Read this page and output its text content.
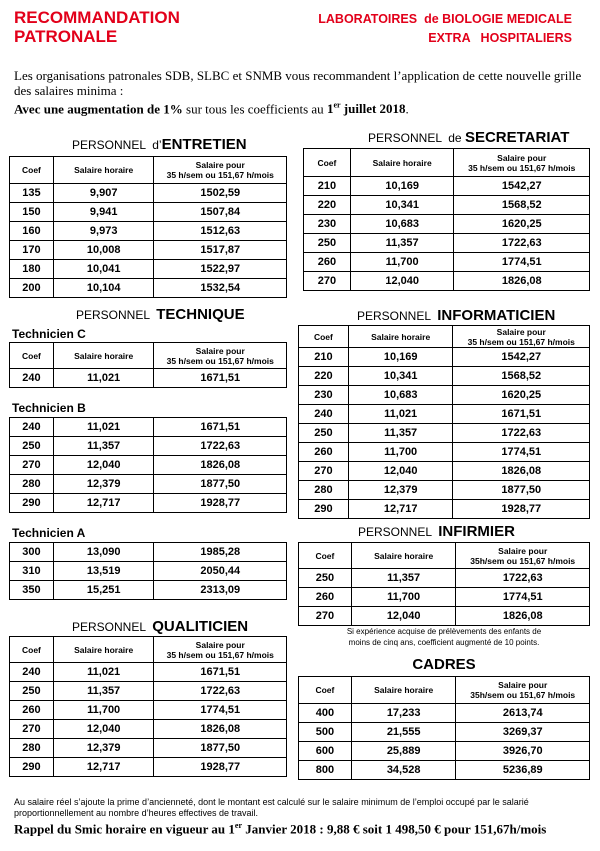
RECOMMANDATION
PATRONALE
LABORATOIRES de BIOLOGIE MEDICALE
EXTRA   HOSPITALIERS
Les organisations patronales SDB, SLBC et SNMB vous recommandent l’application de cette nouvelle grille des salaires minima :
Avec une augmentation de 1% sur tous les coefficients au 1er juillet 2018.
PERSONNEL  d’ENTRETIEN
Coef	Salaire horaire	Salaire pour
35 h/sem ou 151,67 h/mois
135	9,907	1502,59
150	9,941	1507,84
160	9,973	1512,63
170	10,008	1517,87
180	10,041	1522,97
200	10,104	1532,54
PERSONNEL  de SECRETARIAT
Coef	Salaire horaire	Salaire pour
35 h/sem ou 151,67 h/mois
210	10,169	1542,27
220	10,341	1568,52
230	10,683	1620,25
250	11,357	1722,63
260	11,700	1774,51
270	12,040	1826,08
PERSONNEL  TECHNIQUE
Technicien C
Coef	Salaire horaire	Salaire pour
35 h/sem ou 151,67 h/mois
240	11,021	1671,51
Technicien B
240	11,021	1671,51
250	11,357	1722,63
270	12,040	1826,08
280	12,379	1877,50
290	12,717	1928,77
Technicien A
300	13,090	1985,28
310	13,519	2050,44
350	15,251	2313,09
PERSONNEL  INFORMATICIEN
Coef	Salaire horaire	Salaire pour
35 h/sem ou 151,67 h/mois
210	10,169	1542,27
220	10,341	1568,52
230	10,683	1620,25
240	11,021	1671,51
250	11,357	1722,63
260	11,700	1774,51
270	12,040	1826,08
280	12,379	1877,50
290	12,717	1928,77
PERSONNEL  INFIRMIER
Coef	Salaire horaire	Salaire pour
35h/sem ou 151,67 h/mois
250	11,357	1722,63
260	11,700	1774,51
270	12,040	1826,08
Si expérience acquise de prélèvements des enfants de
moins de cinq ans, coefficient augmenté de 10 points.
PERSONNEL  QUALITICIEN
Coef	Salaire horaire	Salaire pour
35 h/sem ou 151,67 h/mois
240	11,021	1671,51
250	11,357	1722,63
260	11,700	1774,51
270	12,040	1826,08
280	12,379	1877,50
290	12,717	1928,77
CADRES
Coef	Salaire horaire	Salaire pour
35h/sem ou 151,67 h/mois
400	17,233	2613,74
500	21,555	3269,37
600	25,889	3926,70
800	34,528	5236,89
Au salaire réel s’ajoute la prime d’ancienneté, dont le montant est calculé sur le salaire minimum de l’emploi occupé par le salarié proportionnellement au nombre d’heures effectives de travail.
Rappel du Smic horaire en vigueur au 1er Janvier 2018 : 9,88 € soit 1 498,50 € pour 151,67h/mois
